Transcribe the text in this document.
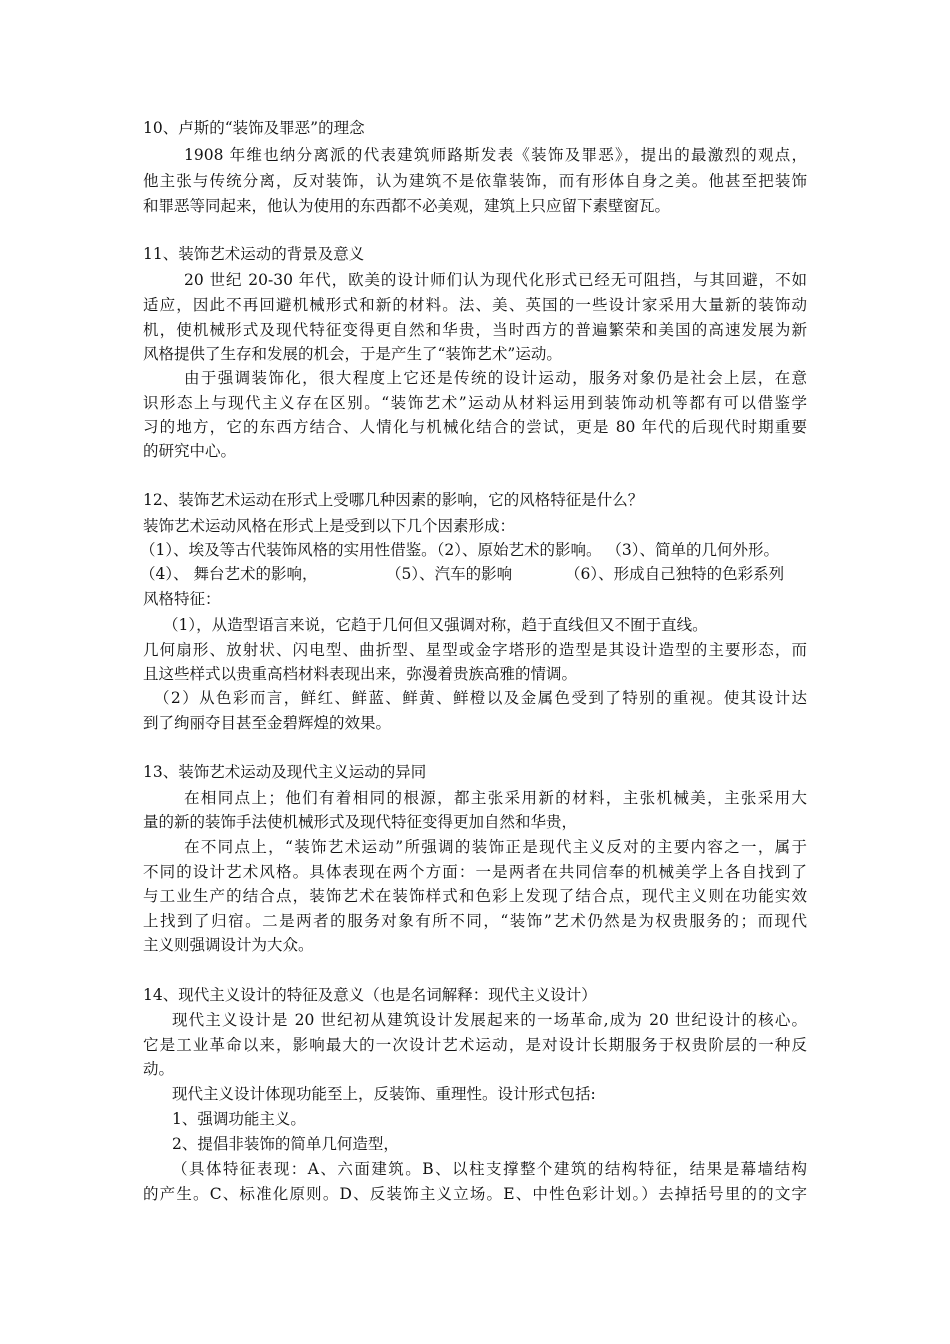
10、卢斯的“装饰及罪恶”的理念
1908 年维也纳分离派的代表建筑师路斯发表《装饰及罪恶》，提出的最激烈的观点，
他主张与传统分离，反对装饰，认为建筑不是依靠装饰，而有形体自身之美。他甚至把装饰
和罪恶等同起来，他认为使用的东西都不必美观，建筑上只应留下素壁窗瓦。
11、装饰艺术运动的背景及意义
20 世纪 20-30 年代，欧美的设计师们认为现代化形式已经无可阻挡，与其回避，不如
适应，因此不再回避机械形式和新的材料。法、美、英国的一些设计家采用大量新的装饰动
机，使机械形式及现代特征变得更自然和华贵，当时西方的普遍繁荣和美国的高速发展为新
风格提供了生存和发展的机会，于是产生了“装饰艺术”运动。
由于强调装饰化，很大程度上它还是传统的设计运动，服务对象仍是社会上层，在意
识形态上与现代主义存在区别。“装饰艺术”运动从材料运用到装饰动机等都有可以借鉴学
习的地方，它的东西方结合、人情化与机械化结合的尝试，更是 80 年代的后现代时期重要
的研究中心。
12、装饰艺术运动在形式上受哪几种因素的影响，它的风格特征是什么？
装饰艺术运动风格在形式上是受到以下几个因素形成：
（1）、埃及等古代装饰风格的实用性借鉴。（2）、原始艺术的影响。 （3）、简单的几何外形。
（4）、 舞台艺术的影响，	（5）、汽车的影响	（6）、形成自己独特的色彩系列
风格特征：
（1），从造型语言来说，它趋于几何但又强调对称，趋于直线但又不囿于直线。
几何扇形、放射状、闪电型、曲折型、星型或金字塔形的造型是其设计造型的主要形态，而
且这些样式以贵重高档材料表现出来，弥漫着贵族高雅的情调。
（2）从色彩而言，鲜红、鲜蓝、鲜黄、鲜橙以及金属色受到了特别的重视。使其设计达
到了绚丽夺目甚至金碧辉煌的效果。
13、装饰艺术运动及现代主义运动的异同
在相同点上；他们有着相同的根源，都主张采用新的材料，主张机械美，主张采用大
量的新的装饰手法使机械形式及现代特征变得更加自然和华贵，
在不同点上，“装饰艺术运动”所强调的装饰正是现代主义反对的主要内容之一，属于
不同的设计艺术风格。具体表现在两个方面：一是两者在共同信奉的机械美学上各自找到了
与工业生产的结合点，装饰艺术在装饰样式和色彩上发现了结合点，现代主义则在功能实效
上找到了归宿。二是两者的服务对象有所不同，“装饰”艺术仍然是为权贵服务的；而现代
主义则强调设计为大众。
14、现代主义设计的特征及意义（也是名词解释：现代主义设计）
现代主义设计是 20 世纪初从建筑设计发展起来的一场革命,成为 20 世纪设计的核心。
它是工业革命以来，影响最大的一次设计艺术运动，是对设计长期服务于权贵阶层的一种反
动。
现代主义设计体现功能至上，反装饰、重理性。设计形式包括:
1、强调功能主义。
2、提倡非装饰的简单几何造型，
（具体特征表现：A、六面建筑。B、以柱支撑整个建筑的结构特征，结果是幕墙结构
的产生。C、标准化原则。D、反装饰主义立场。E、中性色彩计划。）去掉括号里的的文字
